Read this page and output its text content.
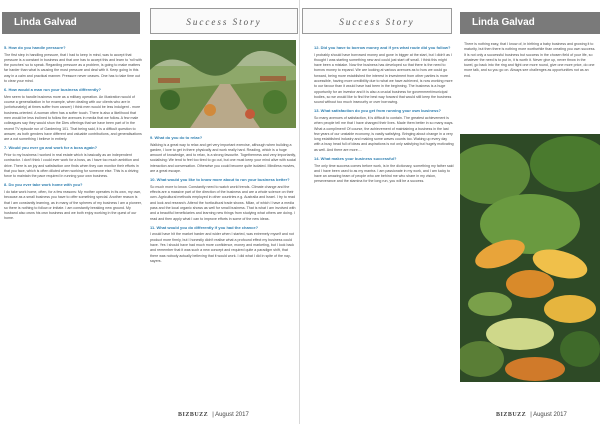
Linda Galvad	Success Story
5. How do you handle pressure?
The first step in handling pressure, that I had to keep in mind, was to accept that pressure is a constant in business and that one has to accept this and learn to 'roll with the punches' so to speak. Regarding pressure as a problem, is going to make matters far harder than what is causing the most pressure and deal with it. Keep going in this way in a calm and practical manner. Pressure never ceases. One has to take time out to clear your mind.
6. How would a man run your business differently?
Men seem to handle business more as a military operation. An illustration would of course a generalization in for example, when dealing with our clients who are in (unfortunately) at times suffer from cancer) I think men would be less indulgent - more business-oriented. A woman often has a softer touch. There is also a likelihood that men would be less inclined to follow the avenues in media that we follow. A few male colleagues say they would shun the Dies offerings that we have been part of in the recent TV episode run of Gardening 101. That being said, it is a difficult question to answer, as both genders have different and valuable contributions, and generalisations are a not something I believe in entirely.
7. Would you ever go and work for a boss again?
Prior to my business I worked in real estate which is basically as an independent contractor. I don't think I could ever work for a boss, as I have too much ambition and drive. There is an joy and satisfaction one finds when they can monitor their efforts in that you face, which is often diluted when working for someone else. This is a driving force to maintain the pace required in running your own business.
8. Do you ever take work home with you?
I do take work home, often, for a few reasons: My mother operates in its own, my own, because as a small business you have to offer something special. Another reason is that I am constantly learning, as in many of the spheres of my business I am a pioneer, so there is nothing to follow or imitate. I am constantly breaking new ground. My husband also owns his own business and we both enjoy working in the quest of our home.
9. What do you do to relax?
Walking is a great way to relax and get very important exercise, although when building a garden, I love to get in there physically and work really hard. Reading, which is a huge amount of knowledge, and to relax, is a strong favourite. Togetherness and very importantly, socialising: We tend to feel too tired to go out, but one must keep your mind alive with social interaction and conversation. Otherwise you could become quite isolated. Mindless movies, are a great escape.
10. What would you like to know more about to run your business better?
So much more to know. Constantly need to watch world trends. Climate change and the effects are a massive part of the direction of the business and are a whole science on their own. Agricultural methods employed in other countries e.g. Australia and Israel. I try to read and look and research. Attend the horticultural trade shows. Milan, of which I have a media pass and the local organic shows as well for small business. That is what I am involved with and a beautiful beneficiaries and learning new things from studying what others are doing. I read and then apply what I can to improve efforts in some of the new ideas.
11. What would you do differently if you had the chance?
I would have hit the market harder and wider when I started, was extremely myself and not product more firmly, but I honestly didn't realise what a profound effect my business could have. Yes I should have had much more confidence, money and marketing, but I look back and remember that it was such a new concept and required quite a paradigm shift, that there was nobody actually believing that it would work. I did what I did in spite of the nay-sayers.
BIZBUZZ | August 2017
Success Story	Linda Galvad
12. Did you have to borrow money and if yes what route did you follow?
I probably should have borrowed money and gone in bigger at the start, but I didn't as I thought I was starting something new and could just start off small. I think this might have been a mistake. Now the business has developed so that there is the need to borrow money to expand. We are looking at various avenues as to how we could go forward, being more established the interest in investment from other parties is more accessible, having more credibility due to what we have achieved, is now working more to our favour than it would have had been in the beginning. The business is a huge opportunity for an investor and it is also a crucial business for government/municipal bodies, so we would like to find the best way forward that would still keep the business sound without too much insecurity or over borrowing.
13. What satisfaction do you get from running your own business?
So many avenues of satisfaction, it is difficult to contain. The greatest achievement is when people tell me that I have changed their lives. Made them better in so many ways. What a compliment! Of course, the achievement of maintaining a business in the last few years of our unstable economy, is vastly satisfying. Bringing about change in a very long established industry and making some waves counts too. Waking up every day with a busy head full of ideas and aspirations is not only satisfying but hugely motivating as well. And there are more....
14. What makes your business successful?
The only time success comes before work, is in the dictionary, something my father said and I have been used to as my mantra. I am passionate in my work, and I am lucky to have an amazing team of people who are behind me who share in my vision, perseverance and the stamina for the long run, you will be a success.
There is nothing easy, that I know of, in birthing a baby business and growing it to maturity, but then there is nothing more worthwhile than creating you own success. It is not only a successful business but success in the chosen field of your life, so whatever the need is to put in, it is worth it. Never give up, never throw in the towel, go back into the ring and fight one more round, give one more price, do one more talk, and so you go on. Always see challenges as opportunities not as an end.
BIZBUZZ | August 2017
